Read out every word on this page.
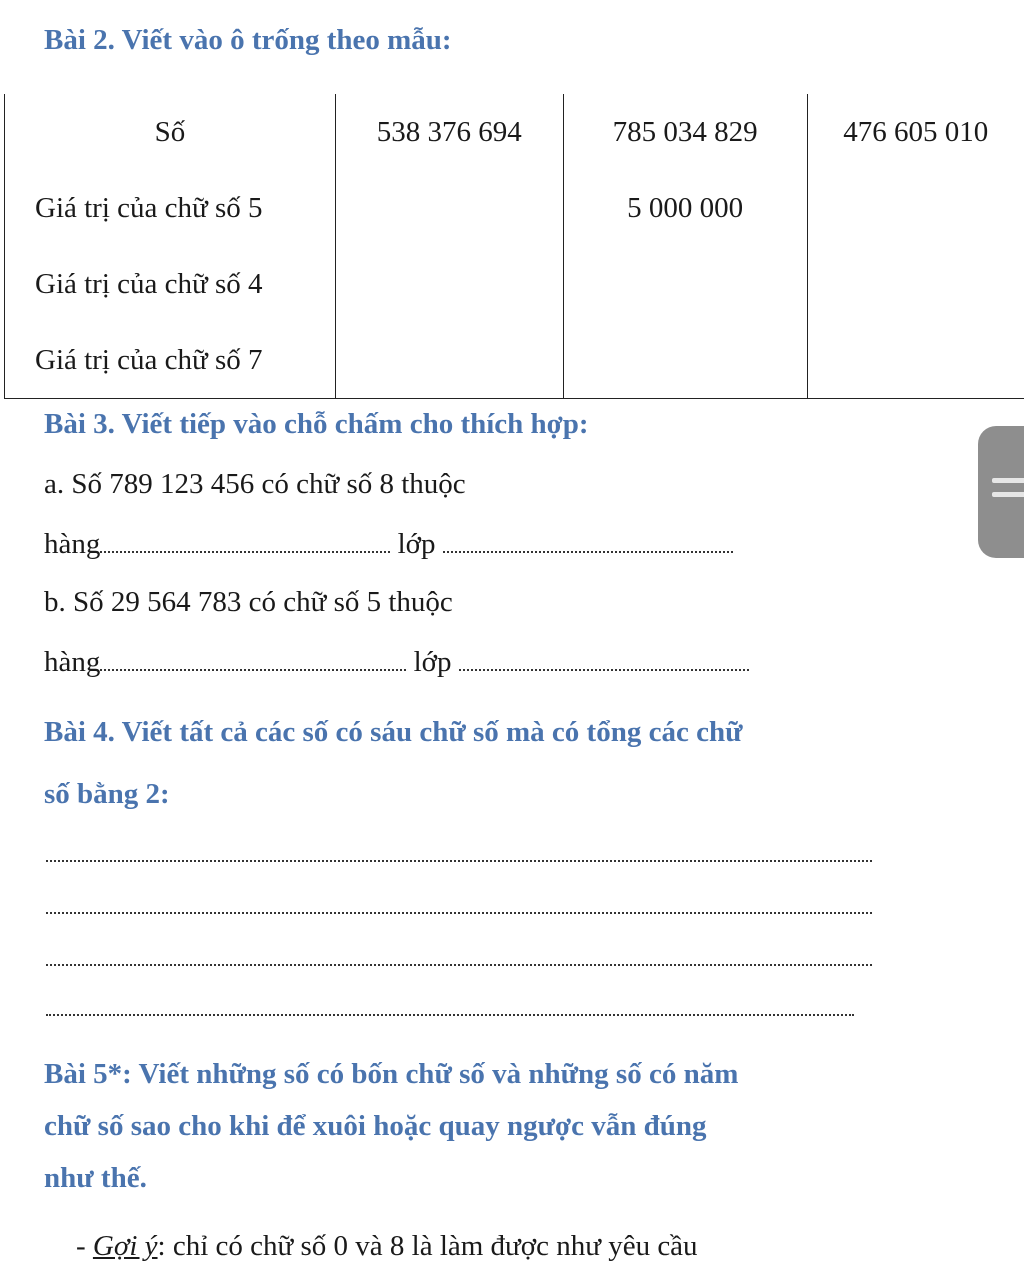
Bài 2. Viết vào ô trống theo mẫu:
Số	538 376 694	785 034 829	476 605 010
Giá trị của chữ số 5		5 000 000	
Giá trị của chữ số 4			
Giá trị của chữ số 7			
Bài 3. Viết tiếp vào chỗ chấm cho thích hợp:
a. Số 789 123 456 có chữ số 8 thuộc
hàng	lớp
b. Số 29 564 783 có chữ số 5 thuộc
hàng	lớp
Bài 4. Viết tất cả các số có sáu chữ số mà có tổng các chữ
số bằng 2:
Bài 5*: Viết những số có bốn chữ số và những số có năm
chữ số sao cho khi để xuôi hoặc quay ngược vẫn đúng
như thế.
- Gợi ý: chỉ có chữ số 0 và 8 là làm được như yêu cầu
